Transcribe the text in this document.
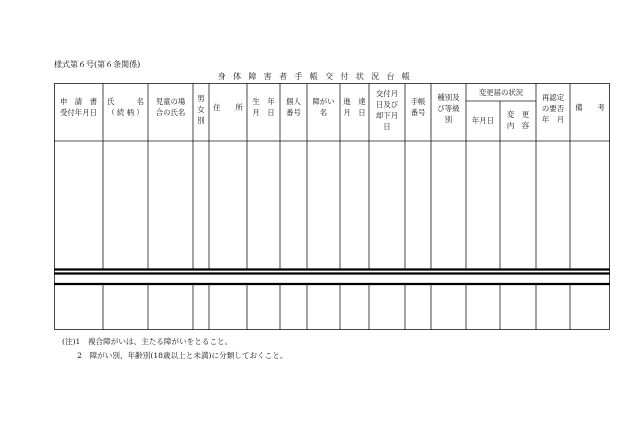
様式第６号(第６条関係)
身 体 障 害 者 手 帳 交 付 状 況 台 帳
申　請　書
受付年月日
氏　　　名
（ 続 柄 ）
児童の場
合の氏名
男
女
別
住　　所
生　年
月　日
個人
番号
障がい
名
進　達
月　日
交付月
日及び
却下月
日
手帳
番号
種別及
び等級
別
変更届の状況
年月日
変　更
内　容
再認定
の要否
年　月
備　　考
(注)1　複合障がいは、主たる障がいをとること。
　　2　障がい別、年齢別(18歳以上と未満)に分類しておくこと。
